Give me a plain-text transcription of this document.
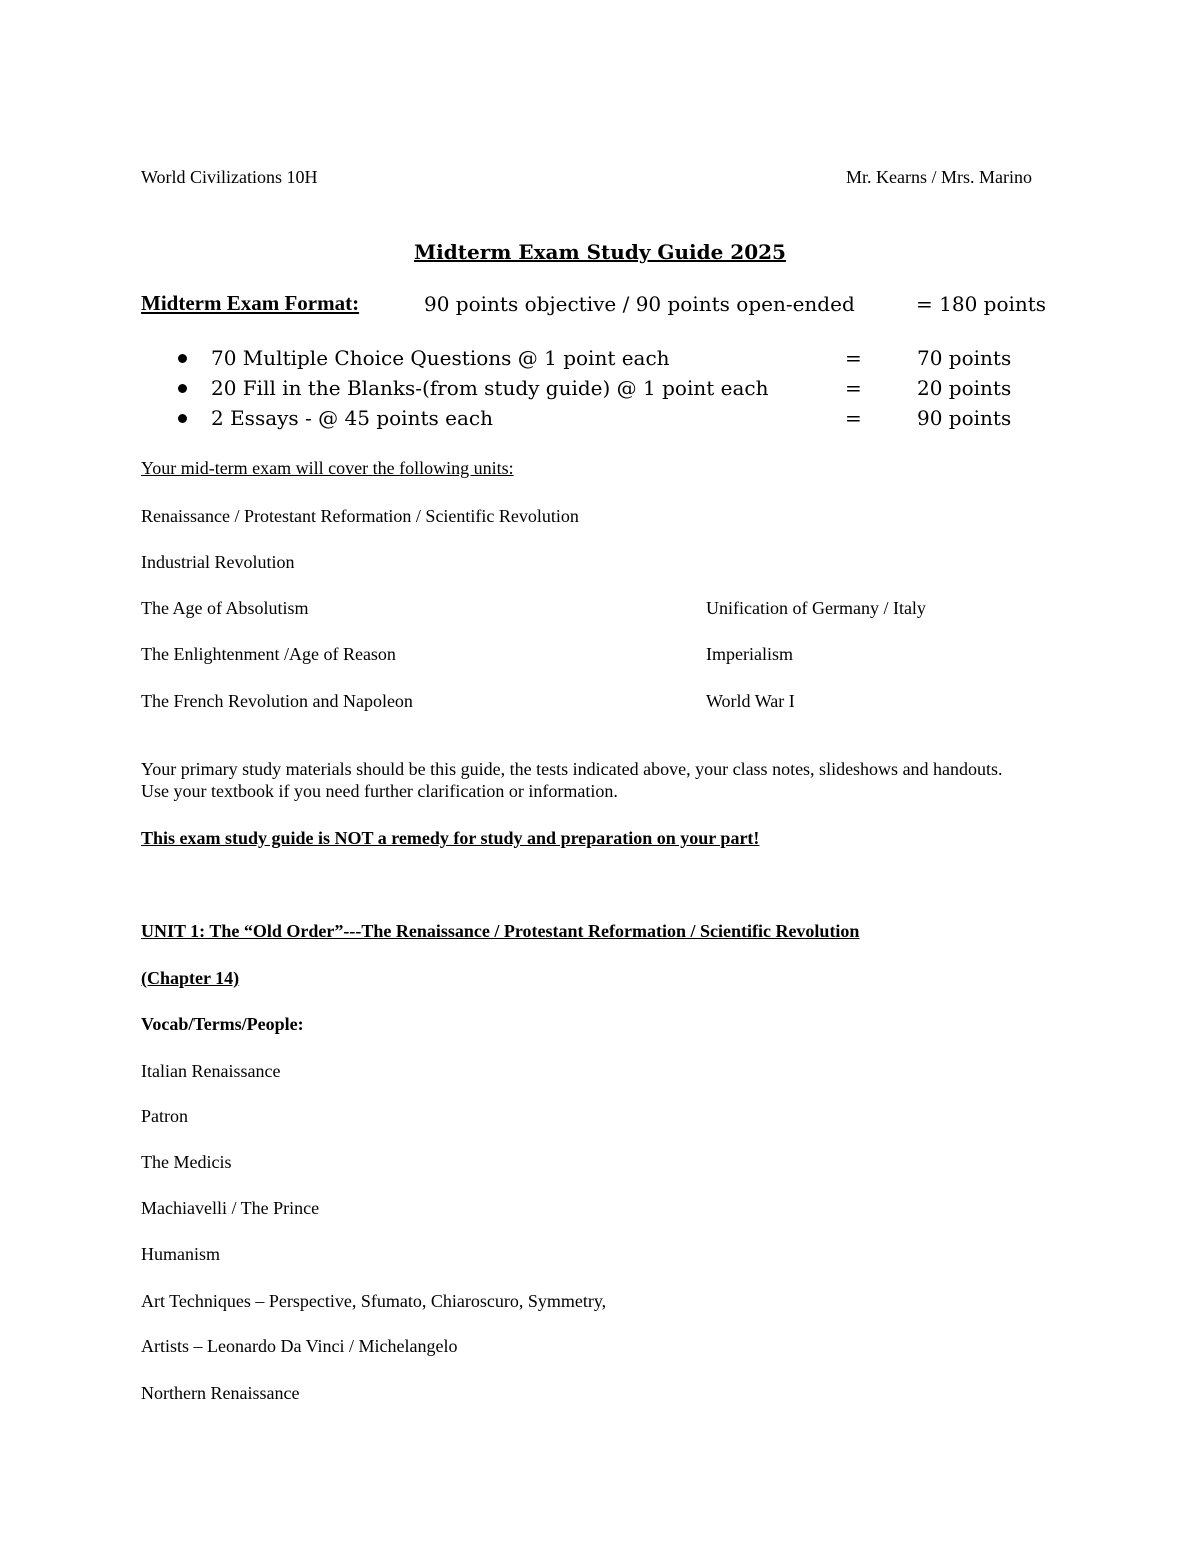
World Civilizations 10H	Mr. Kearns / Mrs. Marino
Midterm Exam Study Guide 2025
Midterm Exam Format:	90 points objective / 90 points open-ended	= 180 points
70 Multiple Choice Questions @ 1 point each	=	70 points
20 Fill in the Blanks-(from study guide) @ 1 point each	=	20 points
2 Essays - @ 45 points each	=	90 points
Your mid-term exam will cover the following units:
Renaissance / Protestant Reformation / Scientific Revolution
Industrial Revolution
The Age of Absolutism	Unification of Germany / Italy
The Enlightenment /Age of Reason	Imperialism
The French Revolution and Napoleon	World War I
Your primary study materials should be this guide, the tests indicated above, your class notes, slideshows and handouts. Use your textbook if you need further clarification or information.
This exam study guide is NOT a remedy for study and preparation on your part!
UNIT 1: The “Old Order”---The Renaissance / Protestant Reformation / Scientific Revolution
(Chapter 14)
Vocab/Terms/People:
Italian Renaissance
Patron
The Medicis
Machiavelli / The Prince
Humanism
Art Techniques – Perspective, Sfumato, Chiaroscuro, Symmetry,
Artists – Leonardo Da Vinci / Michelangelo
Northern Renaissance
